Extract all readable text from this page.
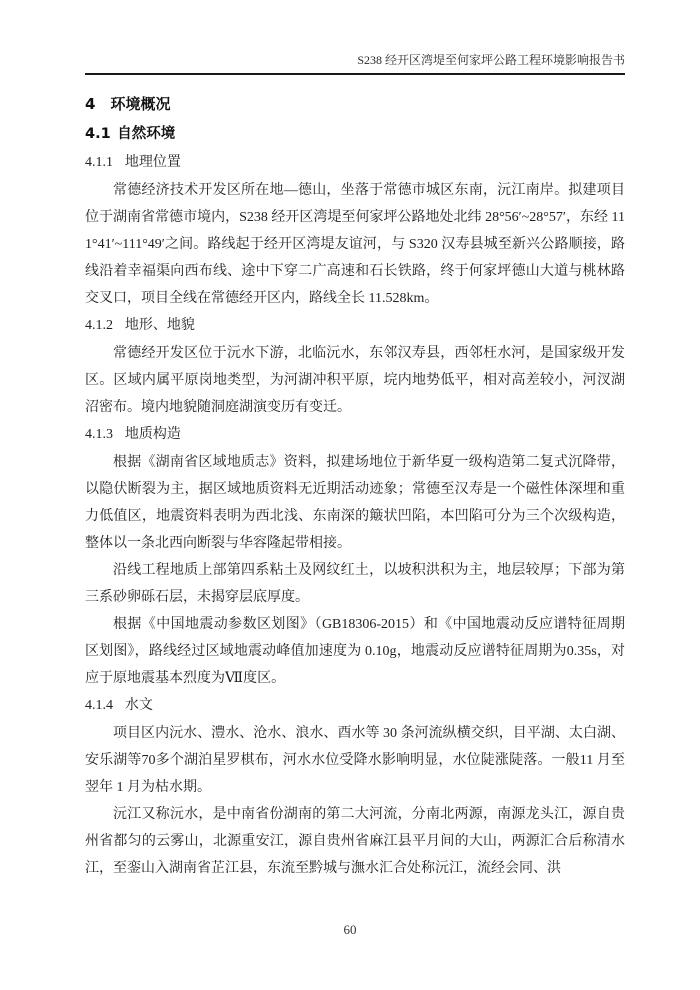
S238 经开区湾堤至何家坪公路工程环境影响报告书
4 环境概况
4.1 自然环境
4.1.1 地理位置

常德经济技术开发区所在地—德山，坐落于常德市城区东南，沅江南岸。拟建项目位于湖南省常德市境内，S238 经开区湾堤至何家坪公路地处北纬 28°56′~28°57′，东经 111°41′~111°49′之间。路线起于经开区湾堤友谊河，与 S320 汉寿县城至新兴公路顺接，路线沿着幸福渠向西布线、途中下穿二广高速和石长铁路，终于何家坪德山大道与桃林路交叉口，项目全线在常德经开区内，路线全长 11.528km。

4.1.2 地形、地貌

常德经开发区位于沅水下游，北临沅水，东邻汉寿县，西邻枉水河，是国家级开发区。区域内属平原岗地类型，为河湖冲积平原，垸内地势低平，相对高差较小，河汊湖沼密布。境内地貌随洞庭湖演变历有变迁。

4.1.3 地质构造

根据《湖南省区域地质志》资料，拟建场地位于新华夏一级构造第二复式沉降带，以隐伏断裂为主，据区域地质资料无近期活动迹象；常德至汉寿是一个磁性体深埋和重力低值区，地震资料表明为西北浅、东南深的簸状凹陷，本凹陷可分为三个次级构造，整体以一条北西向断裂与华容隆起带相接。

沿线工程地质上部第四系粘土及网纹红土，以坡积洪积为主，地层较厚；下部为第三系砂卵砾石层，未揭穿层底厚度。

根据《中国地震动参数区划图》（GB18306-2015）和《中国地震动反应谱特征周期区划图》，路线经过区域地震动峰值加速度为 0.10g，地震动反应谱特征周期为0.35s，对应于原地震基本烈度为Ⅶ度区。

4.1.4 水文

项目区内沅水、澧水、沧水、浪水、酉水等 30 条河流纵横交织，目平湖、太白湖、安乐湖等70多个湖泊星罗棋布，河水水位受降水影响明显，水位陡涨陡落。一般11 月至翌年 1 月为枯水期。

沅江又称沅水，是中南省份湖南的第二大河流，分南北两源，南源龙头江，源自贵州省都匀的云雾山，北源重安江，源自贵州省麻江县平月间的大山，两源汇合后称清水江，至銮山入湖南省芷江县，东流至黔城与潕水汇合处称沅江，流经会同、洪

60
